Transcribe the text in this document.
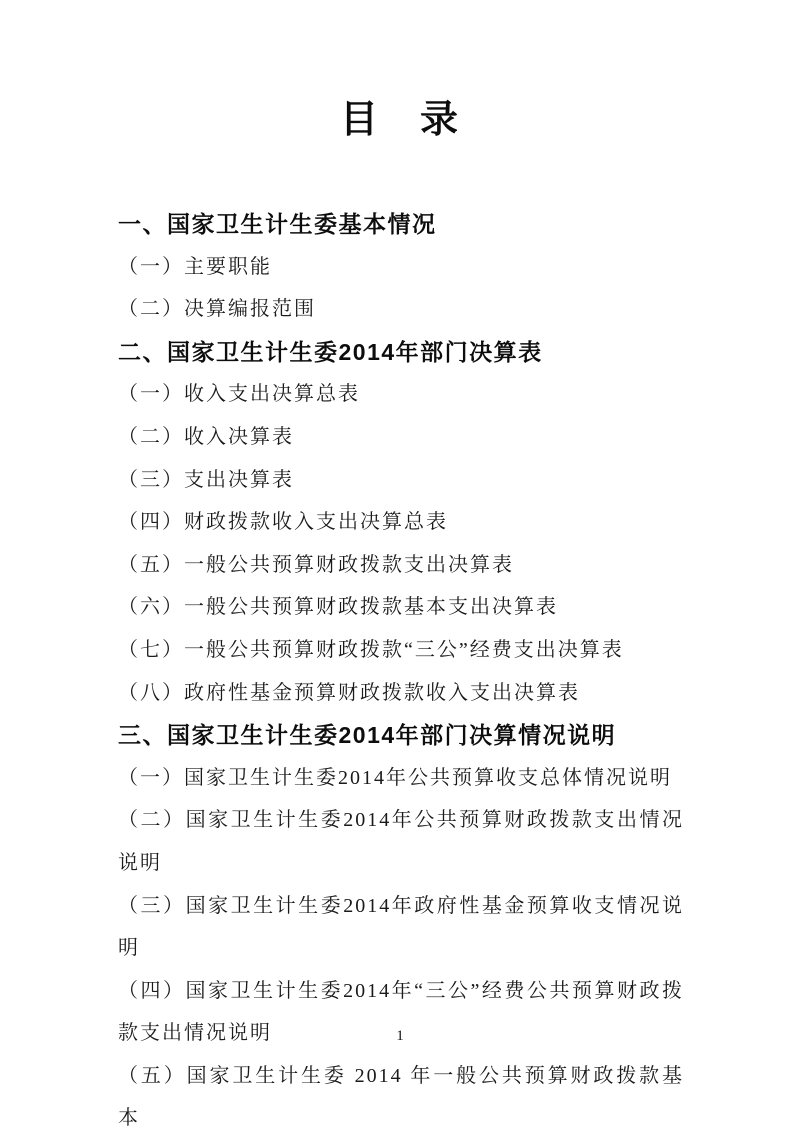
目　录
一、国家卫生计生委基本情况
（一）主要职能
（二）决算编报范围
二、国家卫生计生委2014年部门决算表
（一）收入支出决算总表
（二）收入决算表
（三）支出决算表
（四）财政拨款收入支出决算总表
（五）一般公共预算财政拨款支出决算表
（六）一般公共预算财政拨款基本支出决算表
（七）一般公共预算财政拨款“三公”经费支出决算表
（八）政府性基金预算财政拨款收入支出决算表
三、国家卫生计生委2014年部门决算情况说明
（一）国家卫生计生委2014年公共预算收支总体情况说明
（二）国家卫生计生委2014年公共预算财政拨款支出情况说明
（三）国家卫生计生委2014年政府性基金预算收支情况说明
（四）国家卫生计生委2014年“三公”经费公共预算财政拨款支出情况说明
（五）国家卫生计生委 2014 年一般公共预算财政拨款基本
1
